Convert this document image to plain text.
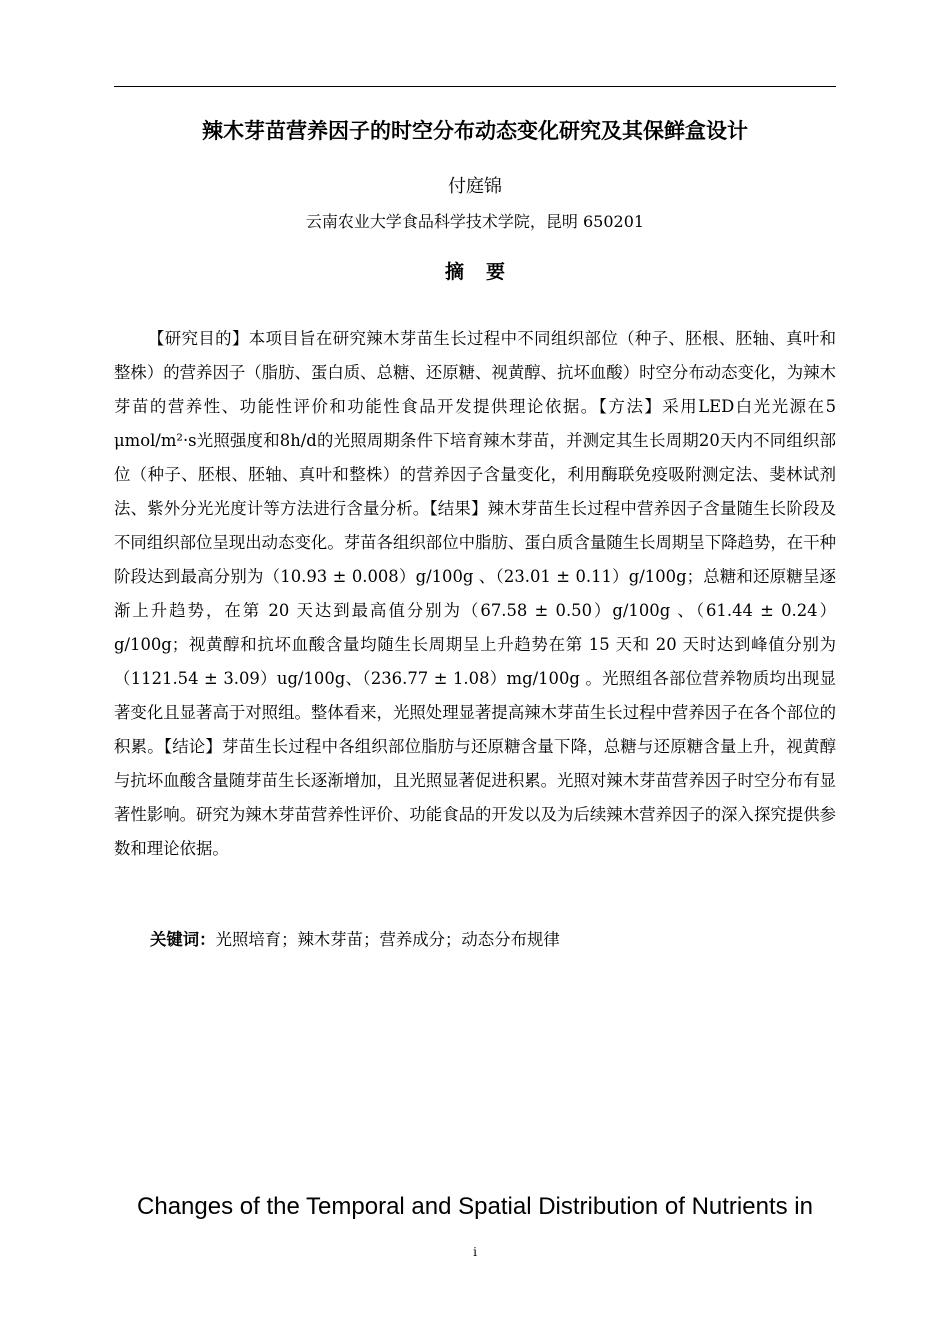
辣木芽苗营养因子的时空分布动态变化研究及其保鲜盒设计
付庭锦
云南农业大学食品科学技术学院，昆明 650201
摘要

【研究目的】本项目旨在研究辣木芽苗生长过程中不同组织部位（种子、胚根、胚轴、真叶和整株）的营养因子（脂肪、蛋白质、总糖、还原糖、视黄醇、抗坏血酸）时空分布动态变化，为辣木芽苗的营养性、功能性评价和功能性食品开发提供理论依据。【方法】采用LED白光光源在5 μmol/m²·s光照强度和8h/d的光照周期条件下培育辣木芽苗，并测定其生长周期20天内不同组织部位（种子、胚根、胚轴、真叶和整株）的营养因子含量变化，利用酶联免疫吸附测定法、斐林试剂法、紫外分光光度计等方法进行含量分析。【结果】辣木芽苗生长过程中营养因子含量随生长阶段及不同组织部位呈现出动态变化。芽苗各组织部位中脂肪、蛋白质含量随生长周期呈下降趋势，在干种阶段达到最高分别为（10.93 ± 0.008）g/100g 、（23.01 ± 0.11）g/100g；总糖和还原糖呈逐渐上升趋势，在第 20 天达到最高值分别为（67.58 ± 0.50）g/100g 、（61.44 ± 0.24）g/100g；视黄醇和抗坏血酸含量均随生长周期呈上升趋势在第 15 天和 20 天时达到峰值分别为 （1121.54 ± 3.09）ug/100g、（236.77 ± 1.08）mg/100g 。光照组各部位营养物质均出现显著变化且显著高于对照组。整体看来，光照处理显著提高辣木芽苗生长过程中营养因子在各个部位的积累。【结论】芽苗生长过程中各组织部位脂肪与还原糖含量下降，总糖与还原糖含量上升，视黄醇与抗坏血酸含量随芽苗生长逐渐增加，且光照显著促进积累。光照对辣木芽苗营养因子时空分布有显著性影响。研究为辣木芽苗营养性评价、功能食品的开发以及为后续辣木营养因子的深入探究提供参数和理论依据。

关键词：光照培育；辣木芽苗；营养成分；动态分布规律
Changes of the Temporal and Spatial Distribution of Nutrients in
i
